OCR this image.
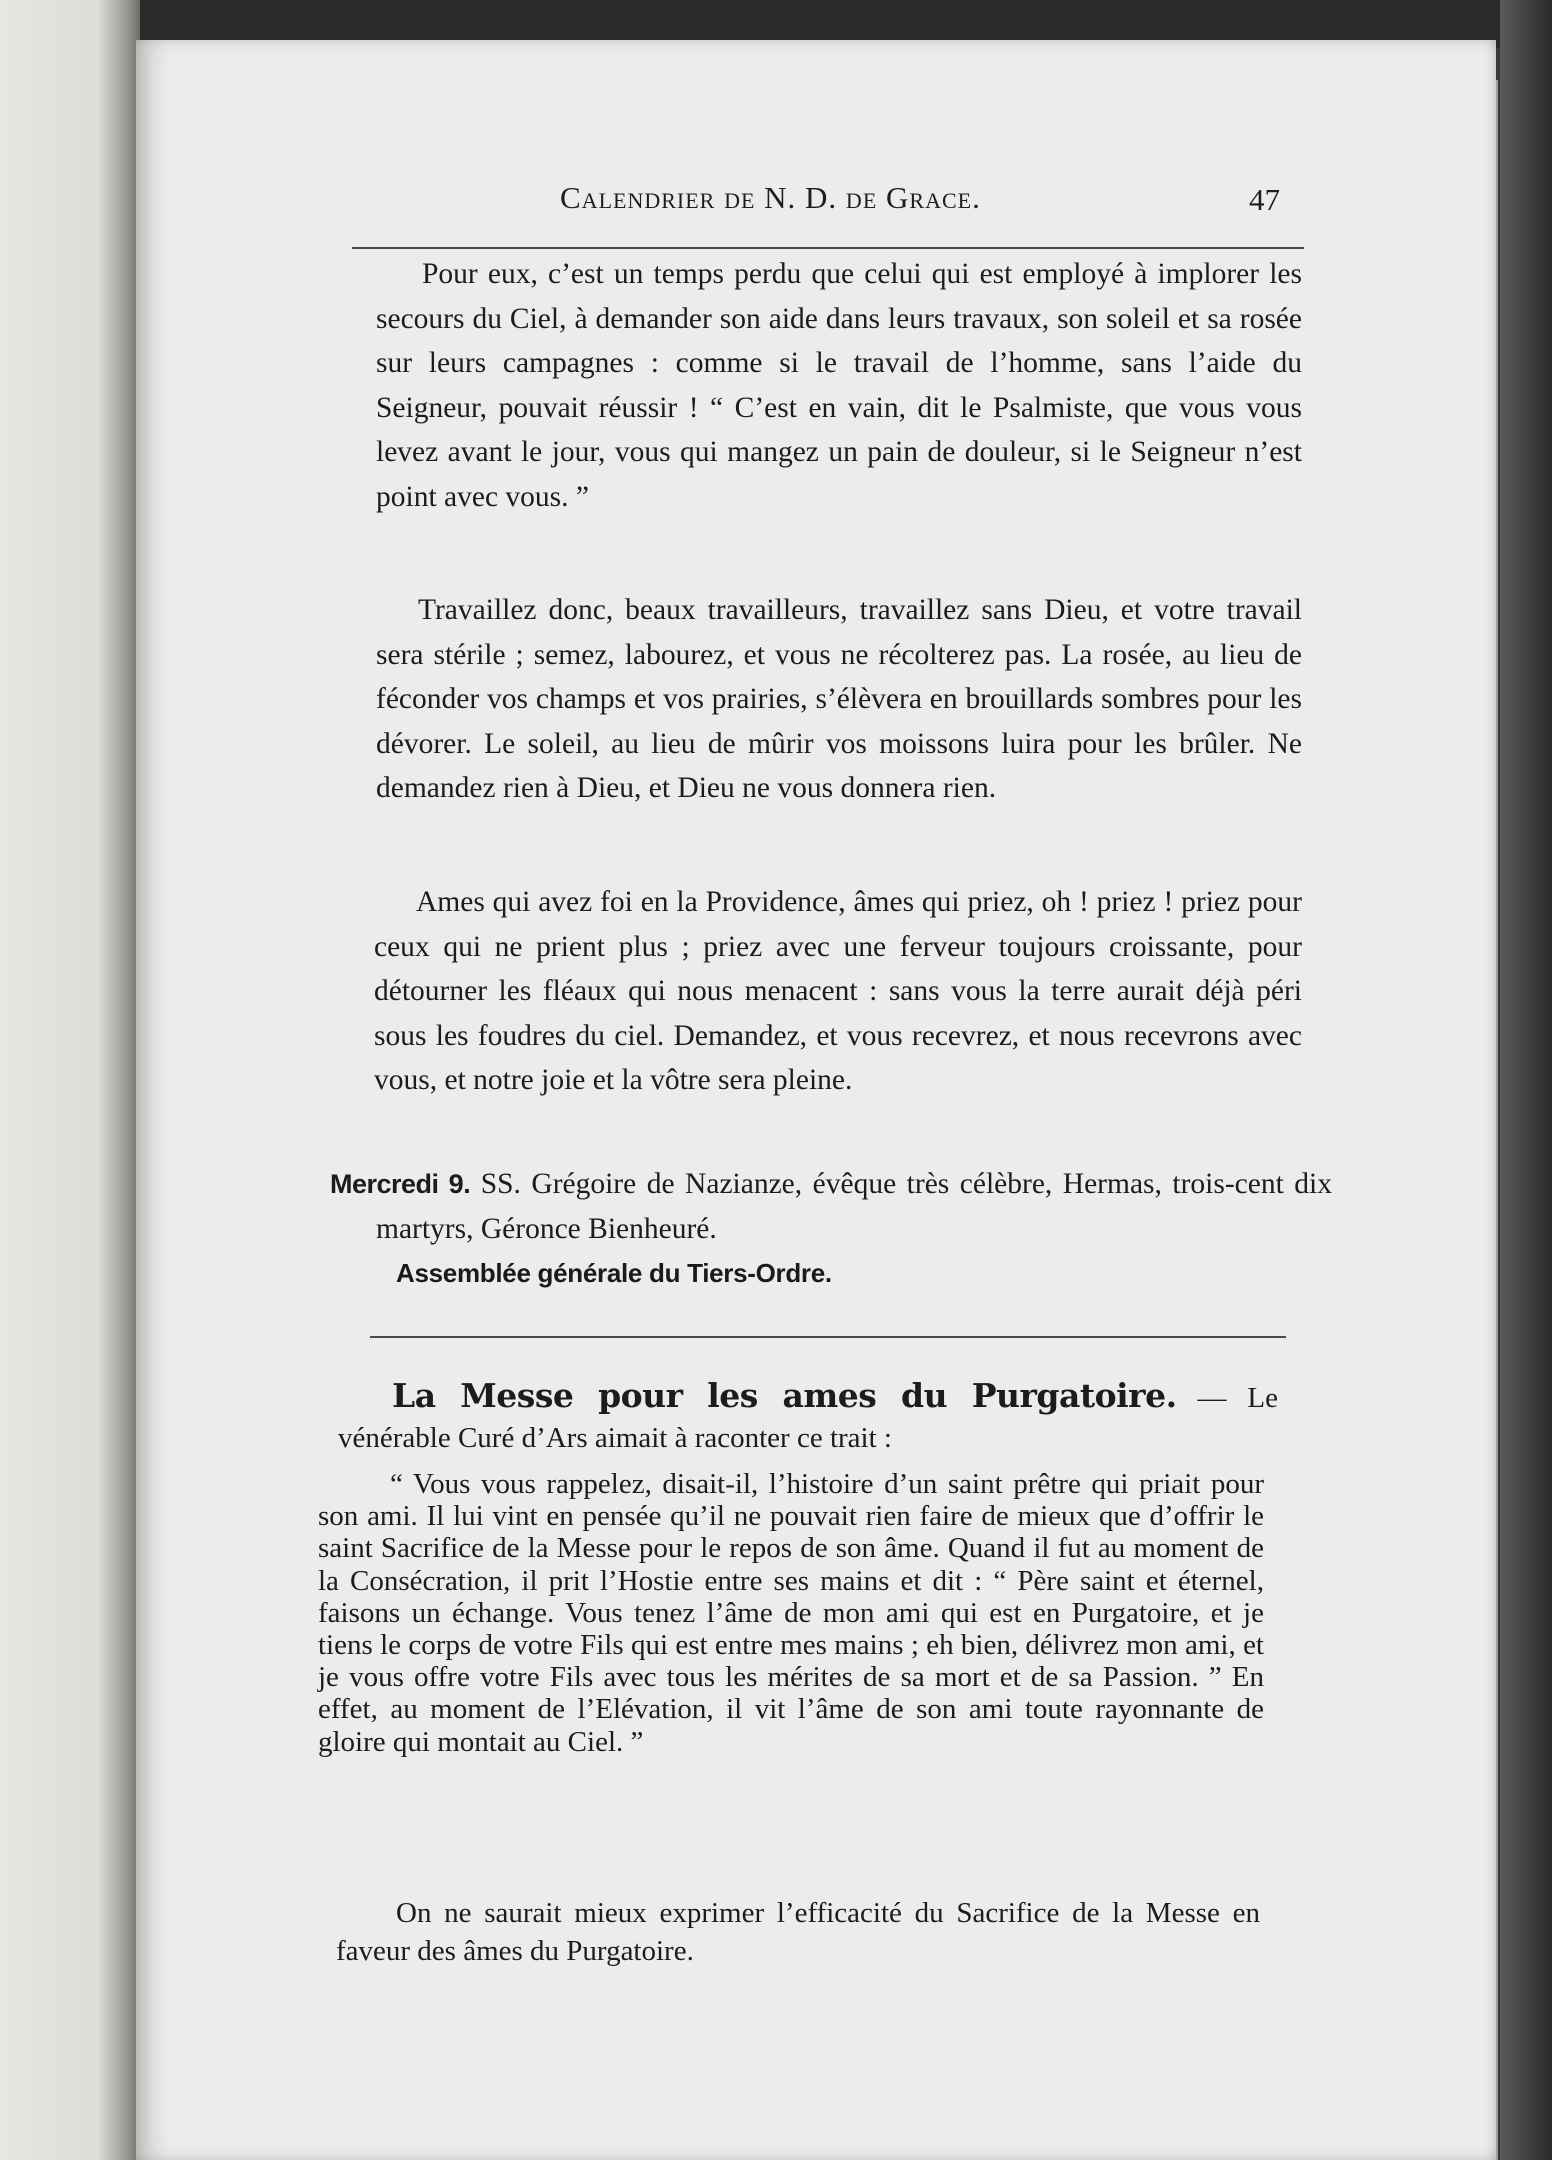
Calendrier de N. D. de Grace.	47

Pour eux, c’est un temps perdu que celui qui est employé à implorer les secours du Ciel, à demander son aide dans leurs travaux, son soleil et sa rosée sur leurs campagnes : comme si le travail de l’homme, sans l’aide du Seigneur, pouvait réussir ! “ C’est en vain, dit le Psalmiste, que vous vous levez avant le jour, vous qui mangez un pain de douleur, si le Seigneur n’est point avec vous. ”

Travaillez donc, beaux travailleurs, travaillez sans Dieu, et votre travail sera stérile ; semez, labourez, et vous ne récolterez pas. La rosée, au lieu de féconder vos champs et vos prairies, s’élèvera en brouillards sombres pour les dévorer. Le soleil, au lieu de mûrir vos moissons luira pour les brûler. Ne demandez rien à Dieu, et Dieu ne vous donnera rien.

Ames qui avez foi en la Providence, âmes qui priez, oh ! priez ! priez pour ceux qui ne prient plus ; priez avec une ferveur toujours croissante, pour détourner les fléaux qui nous menacent : sans vous la terre aurait déjà péri sous les foudres du ciel. Demandez, et vous recevrez, et nous recevrons avec vous, et notre joie et la vôtre sera pleine.

Mercredi 9. SS. Grégoire de Nazianze, évêque très célèbre, Hermas, trois-cent dix martyrs, Géronce Bienheuré.

Assemblée générale du Tiers-Ordre.

La Messe pour les ames du Purgatoire. — Le vénérable Curé d’Ars aimait à raconter ce trait :

“ Vous vous rappelez, disait-il, l’histoire d’un saint prêtre qui priait pour son ami. Il lui vint en pensée qu’il ne pouvait rien faire de mieux que d’offrir le saint Sacrifice de la Messe pour le repos de son âme. Quand il fut au moment de la Consécration, il prit l’Hostie entre ses mains et dit : “ Père saint et éternel, faisons un échange. Vous tenez l’âme de mon ami qui est en Purgatoire, et je tiens le corps de votre Fils qui est entre mes mains ; eh bien, délivrez mon ami, et je vous offre votre Fils avec tous les mérites de sa mort et de sa Passion. ” En effet, au moment de l’Elévation, il vit l’âme de son ami toute rayonnante de gloire qui montait au Ciel. ”

On ne saurait mieux exprimer l’efficacité du Sacrifice de la Messe en faveur des âmes du Purgatoire.
